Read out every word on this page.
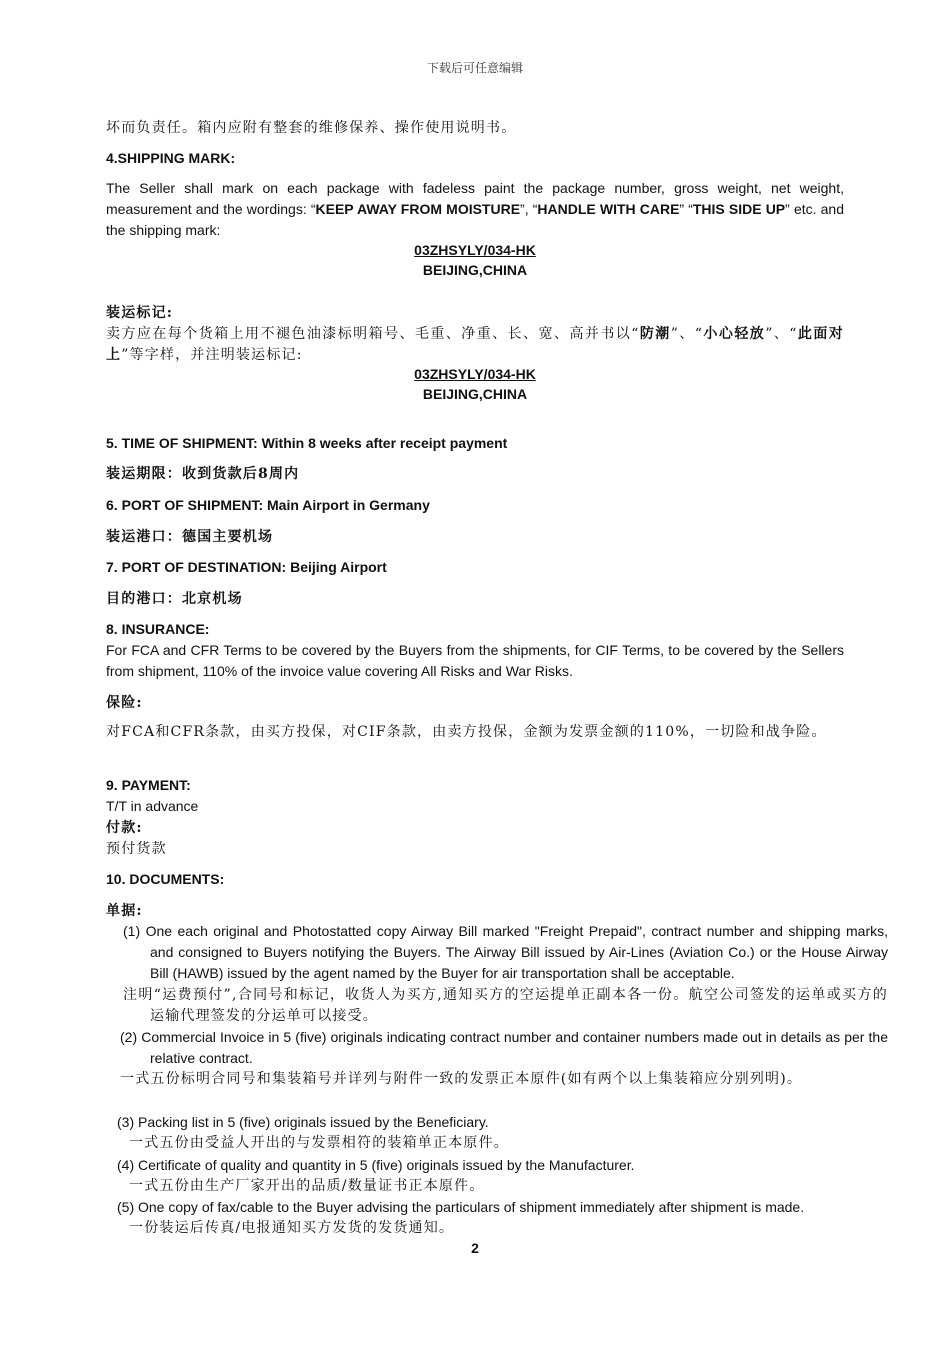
下载后可任意编辑
坏而负责任。箱内应附有整套的维修保养、操作使用说明书。
4.SHIPPING MARK:
The Seller shall mark on each package with fadeless paint the package number, gross weight, net weight, measurement and the wordings: “KEEP AWAY FROM MOISTURE”, “HANDLE WITH CARE” “THIS SIDE UP” etc. and the shipping mark:
03ZHSYLY/034-HK
BEIJING,CHINA
装运标记:
卖方应在每个货箱上用不褪色油漆标明箱号、毛重、净重、长、宽、高并书以“防潮”、“小心轻放”、“此面对上”等字样，并注明装运标记:
03ZHSYLY/034-HK
BEIJING,CHINA
5. TIME OF SHIPMENT: Within 8 weeks after receipt payment
装运期限：收到货款后8周内
6. PORT OF SHIPMENT: Main Airport in Germany
装运港口：德国主要机场
7. PORT OF DESTINATION: Beijing Airport
目的港口：北京机场
8. INSURANCE:
For FCA and CFR Terms to be covered by the Buyers from the shipments, for CIF Terms, to be covered by the Sellers from shipment, 110% of the invoice value covering All Risks and War Risks.
保险:
对FCA和CFR条款，由买方投保，对CIF条款，由卖方投保，金额为发票金额的110%，一切险和战争险。
9. PAYMENT:
T/T in advance
付款:
预付货款
10. DOCUMENTS:
单据:
(1) One each original and Photostatted copy Airway Bill marked "Freight Prepaid", contract number and shipping marks, and consigned to Buyers notifying the Buyers. The Airway Bill issued by Air-Lines (Aviation Co.) or the House Airway Bill (HAWB) issued by the agent named by the Buyer for air transportation shall be acceptable.
注明“运费预付”,合同号和标记，收货人为买方,通知买方的空运提单正副本各一份。航空公司签发的运单或买方的运输代理签发的分运单可以接受。
(2) Commercial Invoice in 5 (five) originals indicating contract number and container numbers made out in details as per the relative contract.
一式五份标明合同号和集装箱号并详列与附件一致的发票正本原件(如有两个以上集装箱应分别列明)。
(3) Packing list in 5 (five) originals issued by the Beneficiary.
一式五份由受益人开出的与发票相符的装箱单正本原件。
(4) Certificate of quality and quantity in 5 (five) originals issued by the Manufacturer.
一式五份由生产厂家开出的品质/数量证书正本原件。
(5) One copy of fax/cable to the Buyer advising the particulars of shipment immediately after shipment is made.
一份装运后传真/电报通知买方发货的发货通知。
2
